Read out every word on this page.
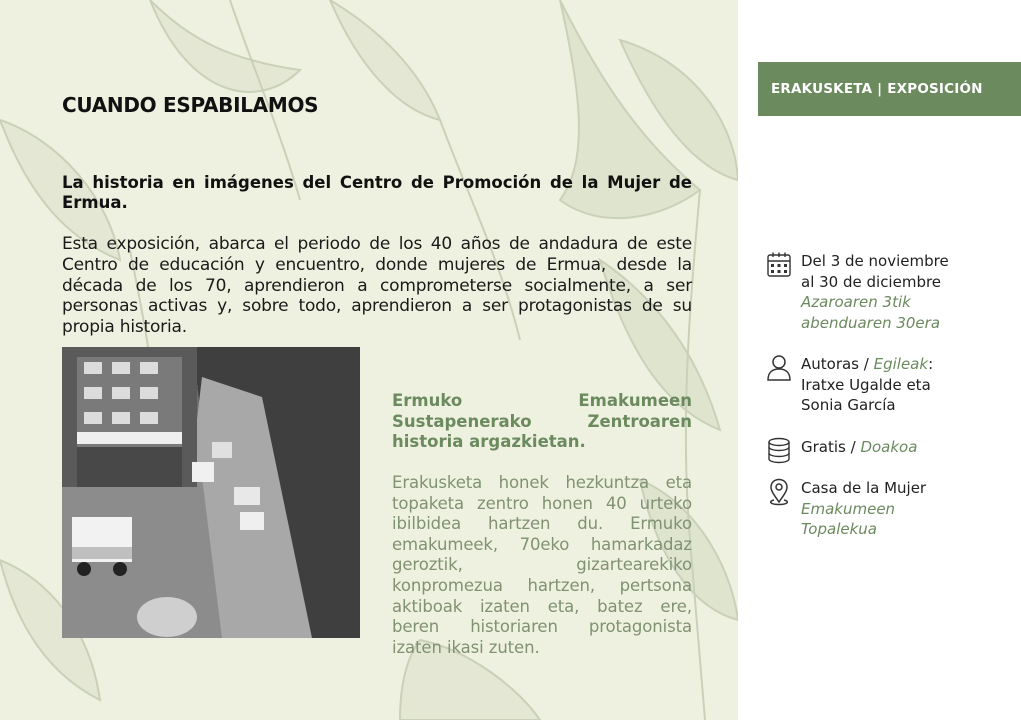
CUANDO ESPABILAMOS

La historia en imágenes del Centro de Promoción de la Mujer de Ermua.

Esta exposición, abarca el periodo de los 40 años de andadura de este Centro de educación y encuentro, donde mujeres de Ermua, desde la década de los 70, aprendieron a comprometerse socialmente, a ser personas activas y, sobre todo, aprendieron a ser protagonistas de su propia historia.

Ermuko Emakumeen Sustapenerako Zentroaren historia argazkietan.

Erakusketa honek hezkuntza eta topaketa zentro honen 40 urteko ibilbidea hartzen du. Ermuko emakumeek, 70eko hamarkadaz geroztik, gizartearekiko konpromezua hartzen, pertsona aktiboak izaten eta, batez ere, beren historiaren protagonista izaten ikasi zuten.

ERAKUSKETA | EXPOSICIÓN
Del 3 de noviembre
al 30 de diciembre
Azaroaren 3tik
abenduaren 30era
Autoras / Egileak:
Iratxe Ugalde eta
Sonia García
Gratis / Doakoa
Casa de la Mujer
Emakumeen
Topalekua
